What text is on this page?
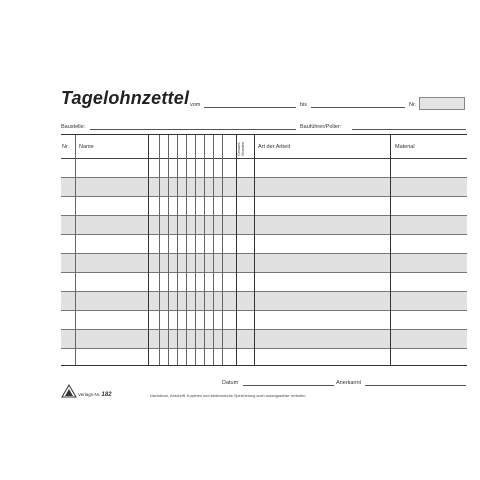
Tagelohnzettel vom	bis	Nr.
Baustelle:	Bauführer/Polier:
Nr. Name	Gesamt-Stunden	Art der Arbeit	Material
Datum	Anerkannt
Verlags-Nr. 182	Nachdruck, Abschrift, Kopieren und elektronische Speicherung auch auszugsweise verboten.
